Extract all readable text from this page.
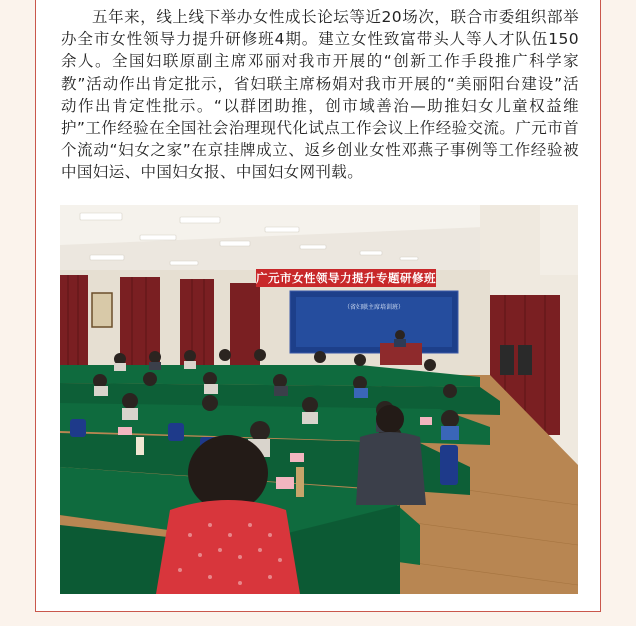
五年来，线上线下举办女性成长论坛等近20场次，联合市委组织部举办全市女性领导力提升研修班4期。建立女性致富带头人等人才队伍150余人。全国妇联原副主席邓丽对我市开展的“创新工作手段推广科学家教”活动作出肯定批示，省妇联主席杨娟对我市开展的“美丽阳台建设”活动作出肯定性批示。“以群团助推，创市域善治—助推妇女儿童权益维护”工作经验在全国社会治理现代化试点工作会议上作经验交流。广元市首个流动“妇女之家”在京挂牌成立、返乡创业女性邓燕子事例等工作经验被中国妇运、中国妇女报、中国妇女网刊载。

广元市女性领导力提升专题研修班
（省妇联主席培训班）
